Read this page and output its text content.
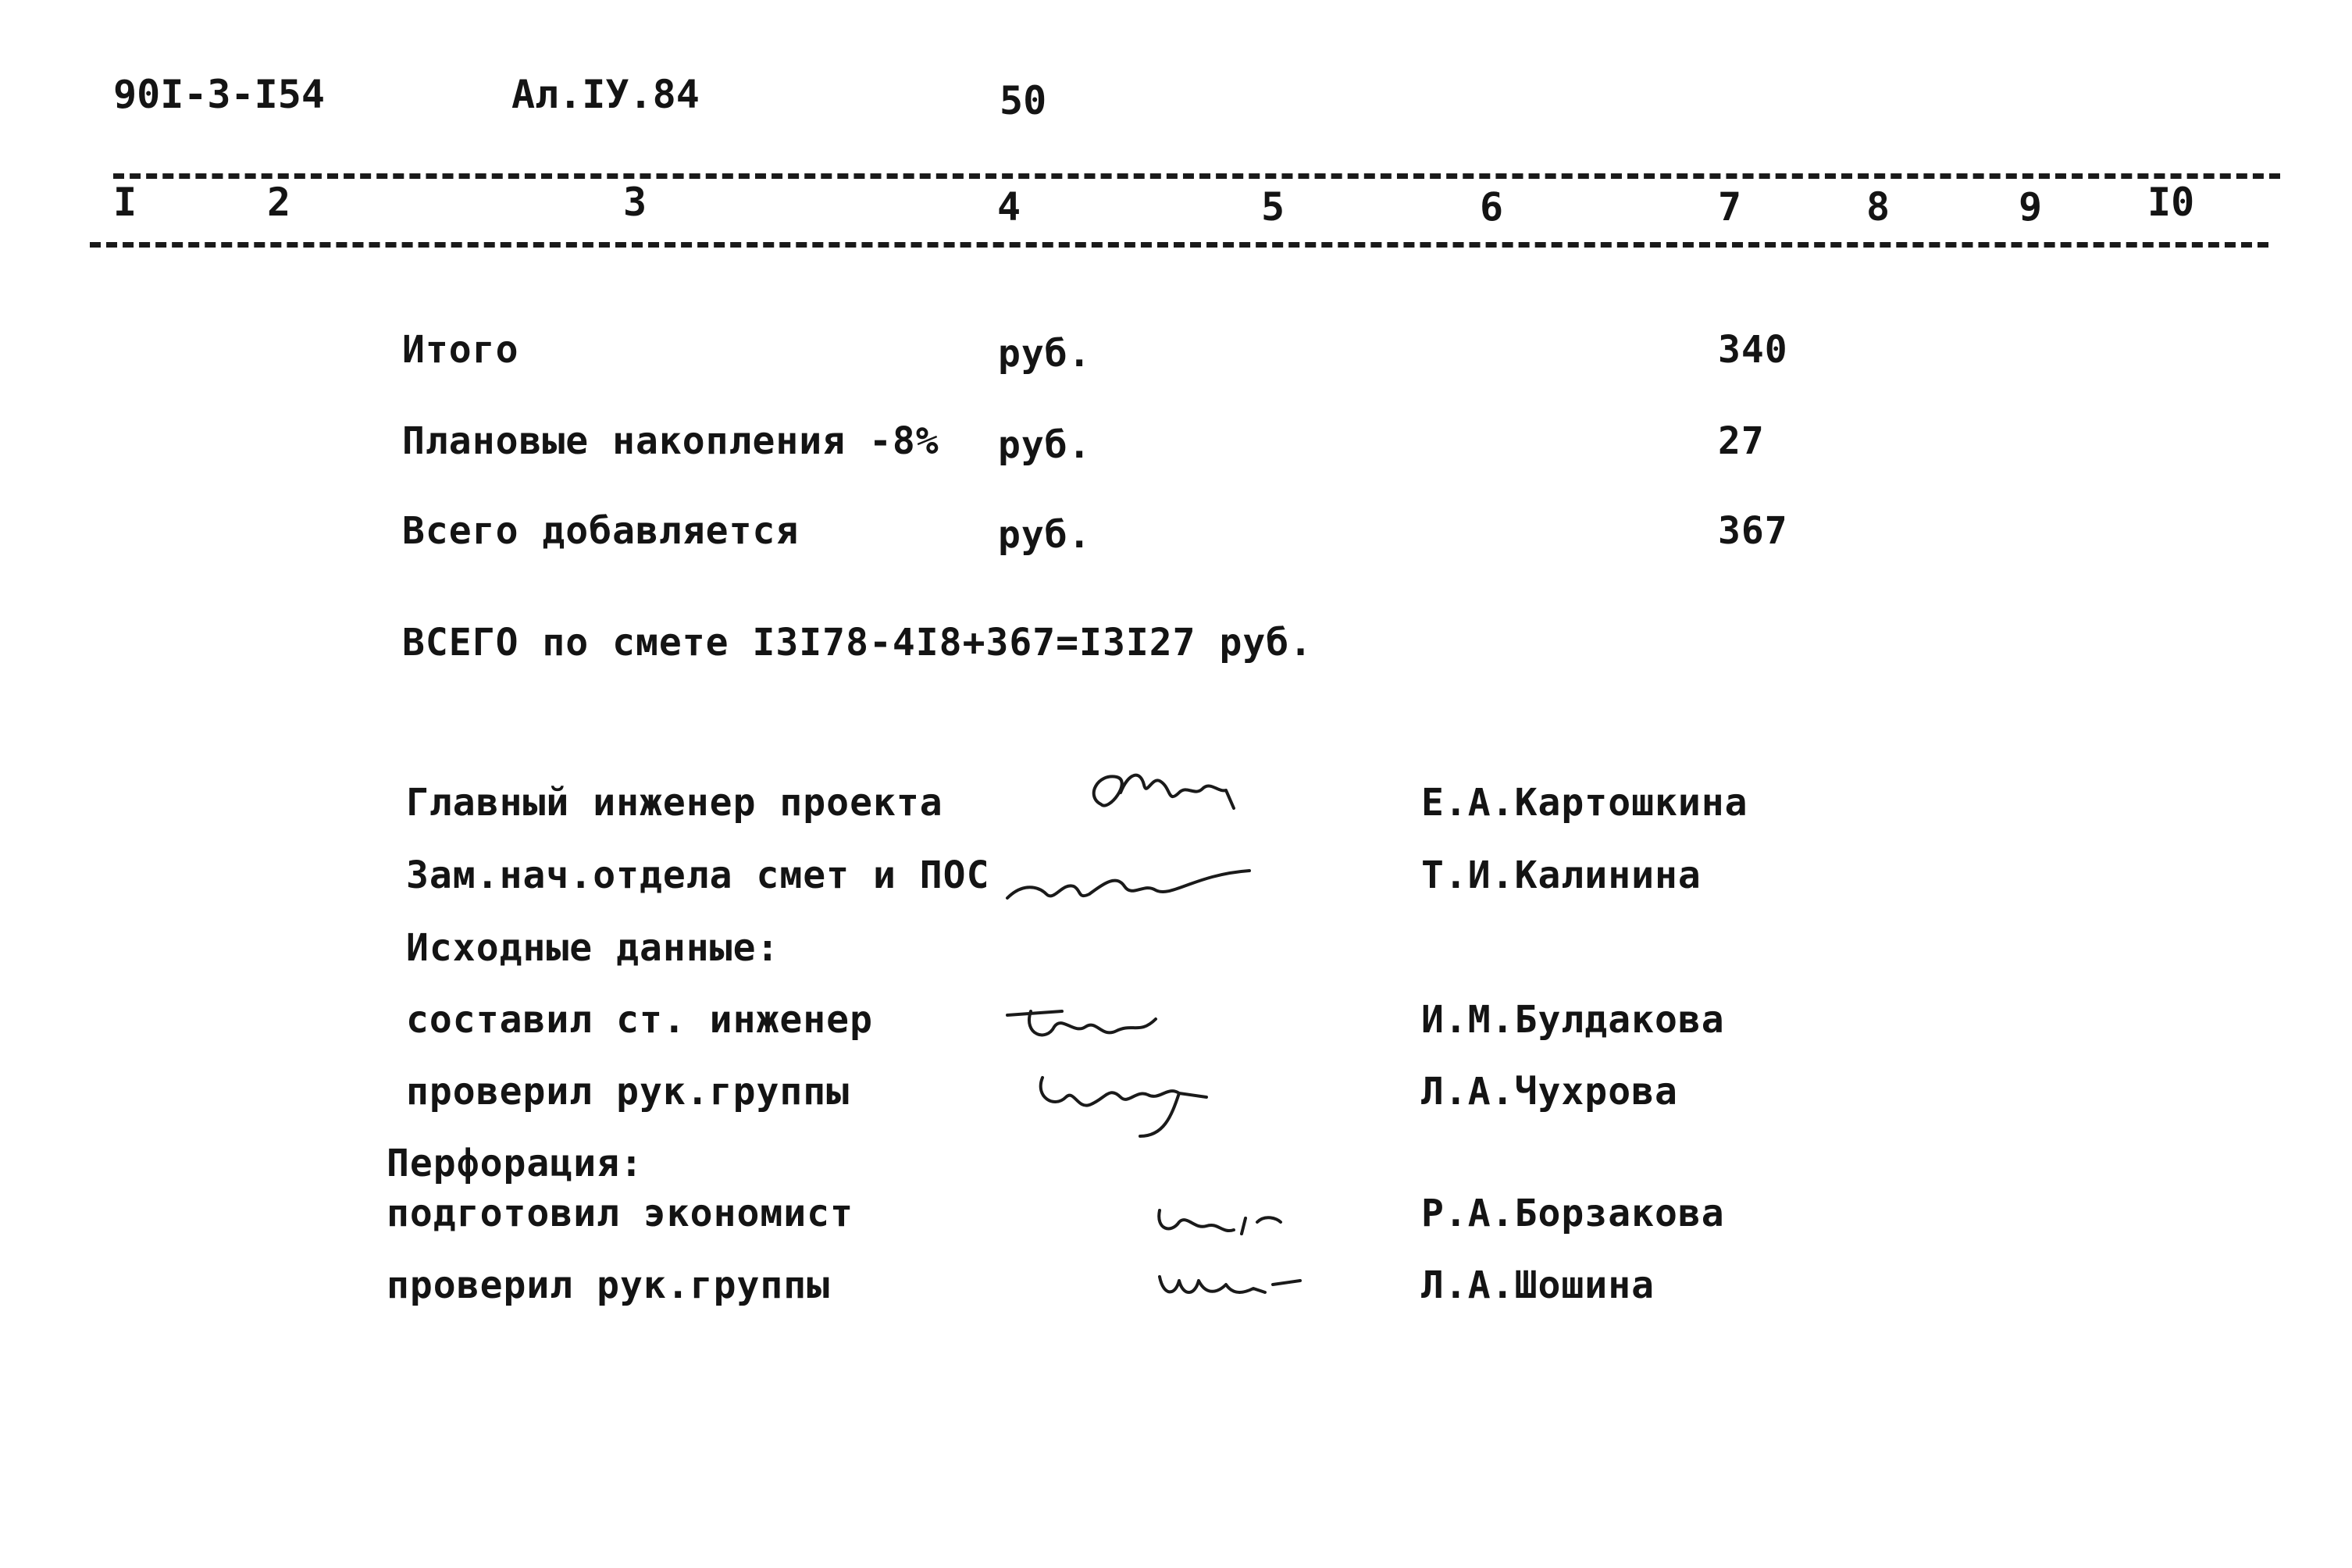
90I-3-I54	Ал.IУ.84	50
I	2	3	4	5	6	7	8	9	I0
Итого	руб.	340
Плановые накопления -8% руб.	27
Всего добавляется	руб.	367
ВСЕГО по смете I3I78-4I8+367=I3I27 руб.
Главный инженер проекта	Е.А.Картошкина
Зам.нач.отдела смет и ПОС	Т.И.Калинина
Исходные данные:
составил ст. инженер	И.М.Булдакова
проверил рук.группы	Л.А.Чухрова
Перфорация:
подготовил экономист	Р.А.Борзакова
проверил рук.группы	Л.А.Шошина
